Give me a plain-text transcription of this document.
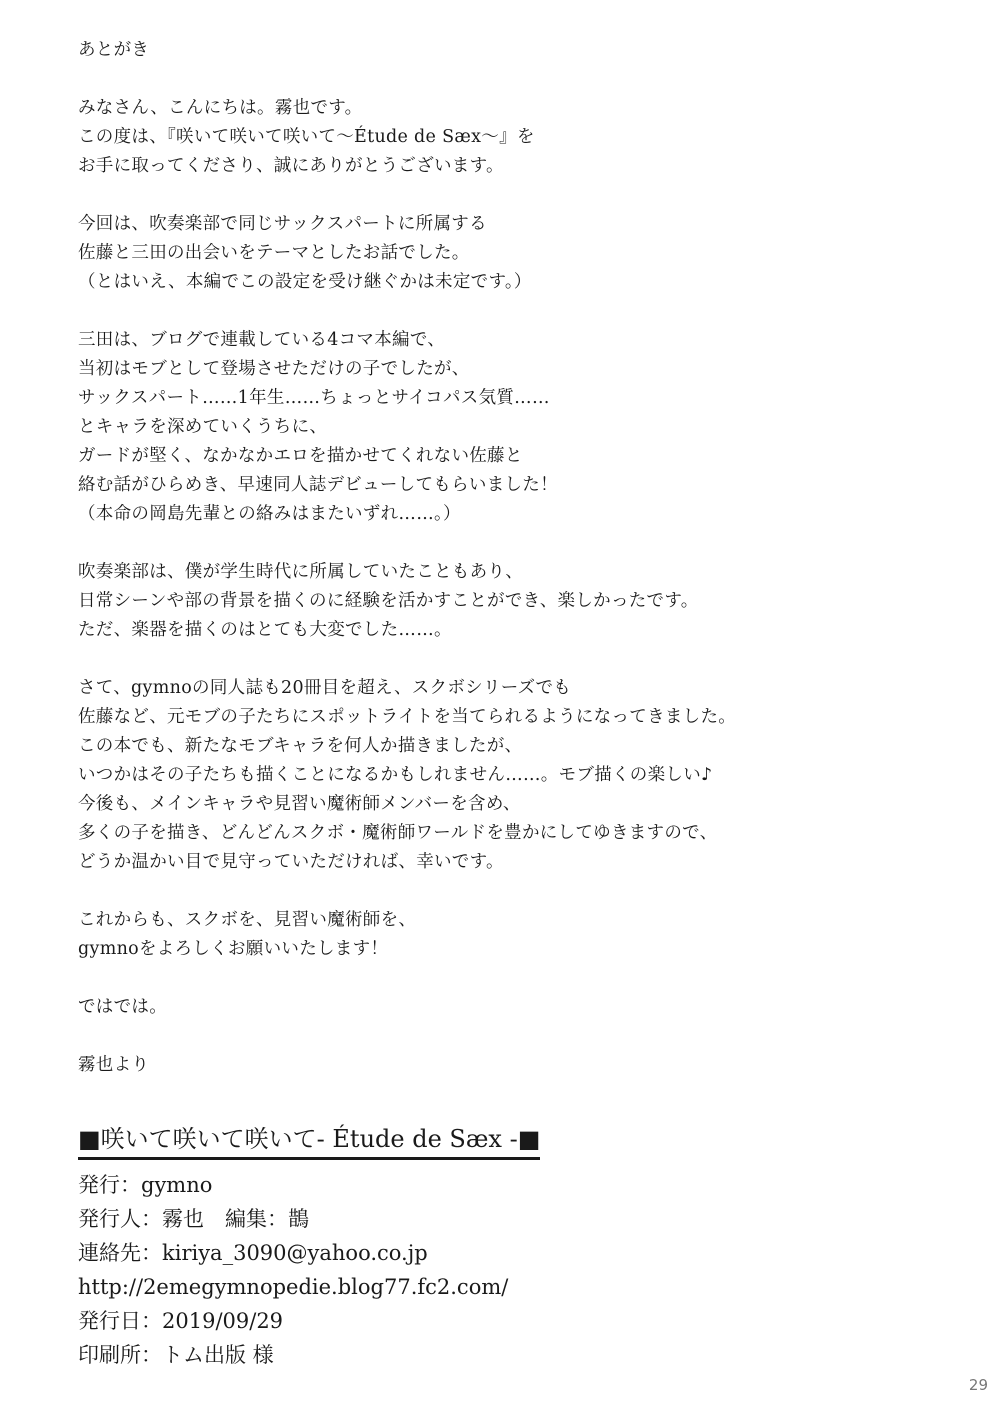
あとがき
みなさん、こんにちは。霧也です。
この度は、『咲いて咲いて咲いて～Étude de Sæx～』を
お手に取ってくださり、誠にありがとうございます。
今回は、吹奏楽部で同じサックスパートに所属する
佐藤と三田の出会いをテーマとしたお話でした。
（とはいえ、本編でこの設定を受け継ぐかは未定です。）
三田は、ブログで連載している4コマ本編で、
当初はモブとして登場させただけの子でしたが、
サックスパート……1年生……ちょっとサイコパス気質……
とキャラを深めていくうちに、
ガードが堅く、なかなかエロを描かせてくれない佐藤と
絡む話がひらめき、早速同人誌デビューしてもらいました！
（本命の岡島先輩との絡みはまたいずれ……。）
吹奏楽部は、僕が学生時代に所属していたこともあり、
日常シーンや部の背景を描くのに経験を活かすことができ、楽しかったです。
ただ、楽器を描くのはとても大変でした……。
さて、gymnoの同人誌も20冊目を超え、スクボシリーズでも
佐藤など、元モブの子たちにスポットライトを当てられるようになってきました。
この本でも、新たなモブキャラを何人か描きましたが、
いつかはその子たちも描くことになるかもしれません……。モブ描くの楽しい♪
今後も、メインキャラや見習い魔術師メンバーを含め、
多くの子を描き、どんどんスクボ・魔術師ワールドを豊かにしてゆきますので、
どうか温かい目で見守っていただければ、幸いです。
これからも、スクボを、見習い魔術師を、
gymnoをよろしくお願いいたします！
ではでは。
霧也より
■咲いて咲いて咲いて- Étude de Sæx -■
発行：gymno
発行人：霧也　編集：鵲
連絡先：kiriya_3090@yahoo.co.jp
http://2emegymnopedie.blog77.fc2.com/
発行日：2019/09/29
印刷所：トム出版 様
29
